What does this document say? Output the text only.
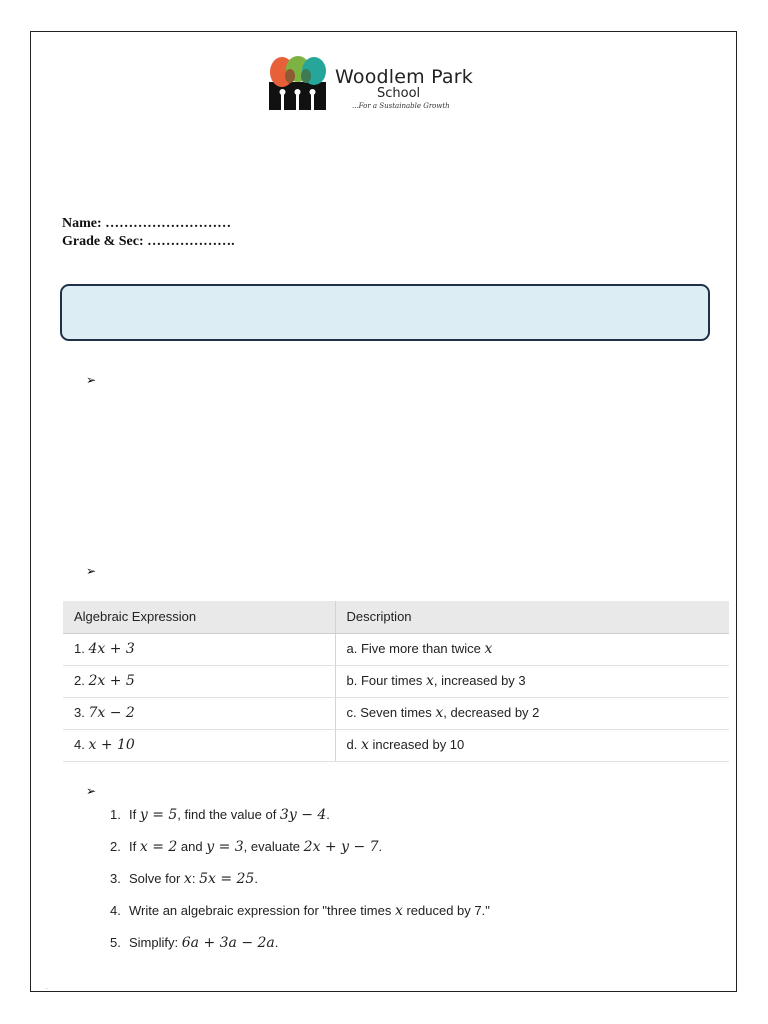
Woodlem Park
School
...For a Sustainable Growth
Name: ………………………
Grade & Sec: ……………….
➢
➢
Algebraic Expression	Description
1. 4x + 3	a. Five more than twice x
2. 2x + 5	b. Four times x, increased by 3
3. 7x − 2	c. Seven times x, decreased by 2
4. x + 10	d. x increased by 10
➢
1. If y = 5, find the value of 3y − 4.
2. If x = 2 and y = 3, evaluate 2x + y − 7.
3. Solve for x: 5x = 25.
4. Write an algebraic expression for "three times x reduced by 7."
5. Simplify: 6a + 3a − 2a.
.
